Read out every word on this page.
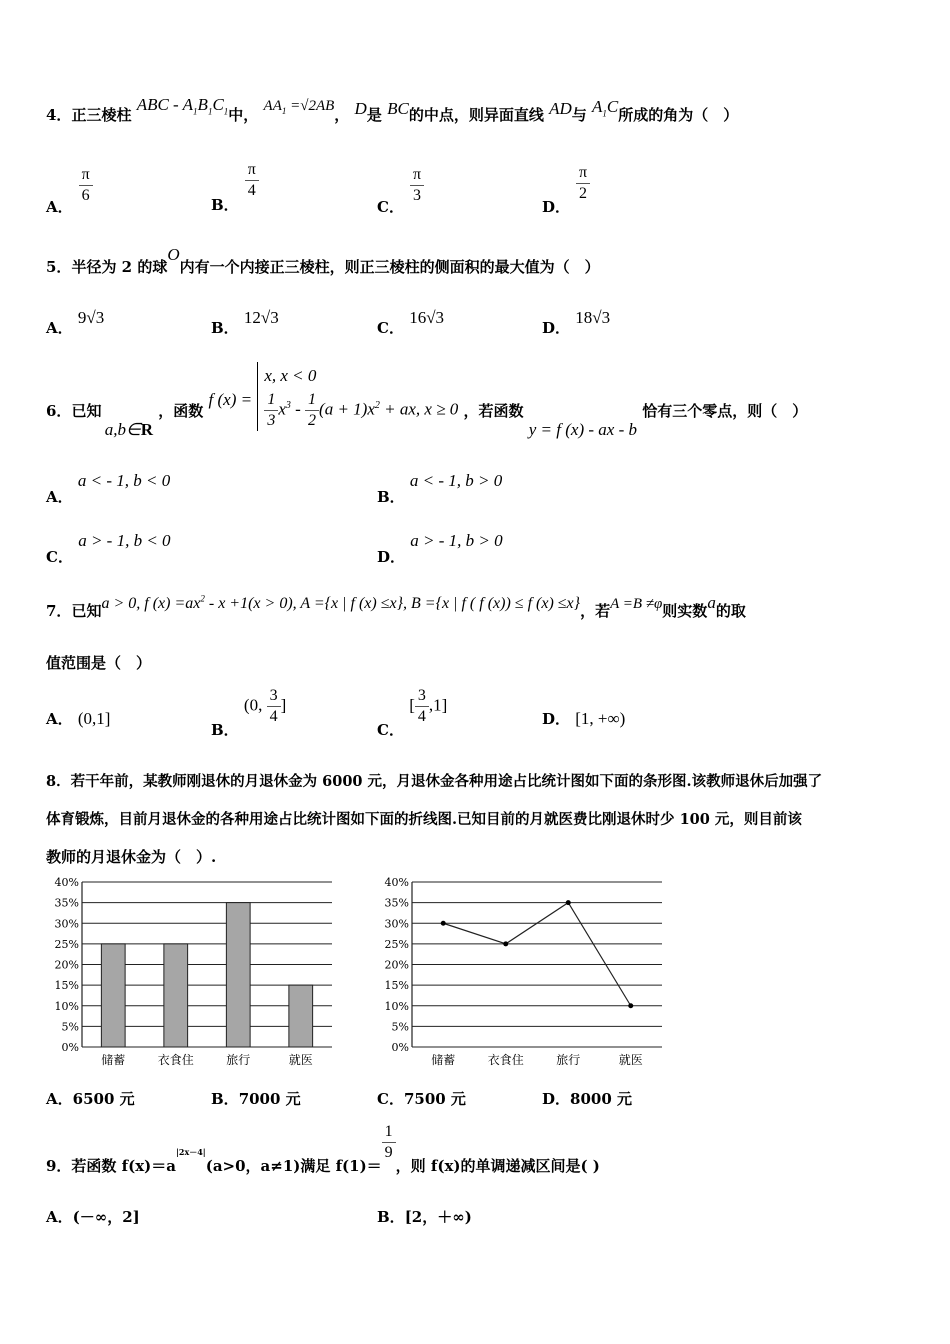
4．正三棱柱 ABC - $A_1B_1C_1$中， $AA_1 =√2AB$， D是 BC的中点，则异面直线 AD与 $A_1C$所成的角为（　）
A．
$\frac{\pi}{6}$	B．
$\frac{\pi}{4}$
C．
$\frac{\pi}{3}$
D．
$\frac{\pi}{2}$
5．半径为 2 的球O内有一个内接正三棱柱，则正三棱柱的侧面积的最大值为（　）
A． 9√3
B． 12√3
C． 16√3
D． 18√3
6．已知 a,b∈R ，函数 f (x) =
x, x < 0
$\frac{1}{3} x^3 - \frac{1}{2} (a + 1)x^2$ + ax, x ≥ 0 ，若函数 y = f (x) - ax - b 恰有三个零点，则（　）
A． a < - 1, b < 0
B． a < - 1, b > 0
C． a > - 1, b < 0
D． a > - 1, b > 0
7．已知a > 0, f $(x) =ax^2 - x +1(x > 0)$, A ={x | f (x) ≤x}, B ={x | f ( f (x)) ≤ f (x) ≤x}，若A =B ≠φ则实数a的取
值范围是（　）
A． (0,1]
B． (0, $\frac{3}{4}$ ]
C． [ $\frac{3}{4} ,1$]
D． [1, +∞)
8．若干年前，某教师刚退休的月退休金为 6000 元，月退休金各种用途占比统计图如下面的条形图.该教师退休后加强了
体育锻炼，目前月退休金的各种用途占比统计图如下面的折线图.已知目前的月就医费比刚退休时少 100 元，则目前该
教师的月退休金为（　）.
0%
5%
10%
15%
20%
25%
30%
35%
40%
储蓄	衣食住	旅行	就医
0%
5%
10%
15%
20%
25%
30%
35%
40%
储蓄	衣食住	旅行	就医
A．6500 元	B．7000 元	C．7500 元	D．8000 元
9．若函数 $f(x)=a^{|2x-4|}(a>0$，a≠1)满足 f(1)＝
$\frac{1}{9}$
，则 f(x)的单调递减区间是( )
A．(－∞，2]	B．[2，＋∞)
